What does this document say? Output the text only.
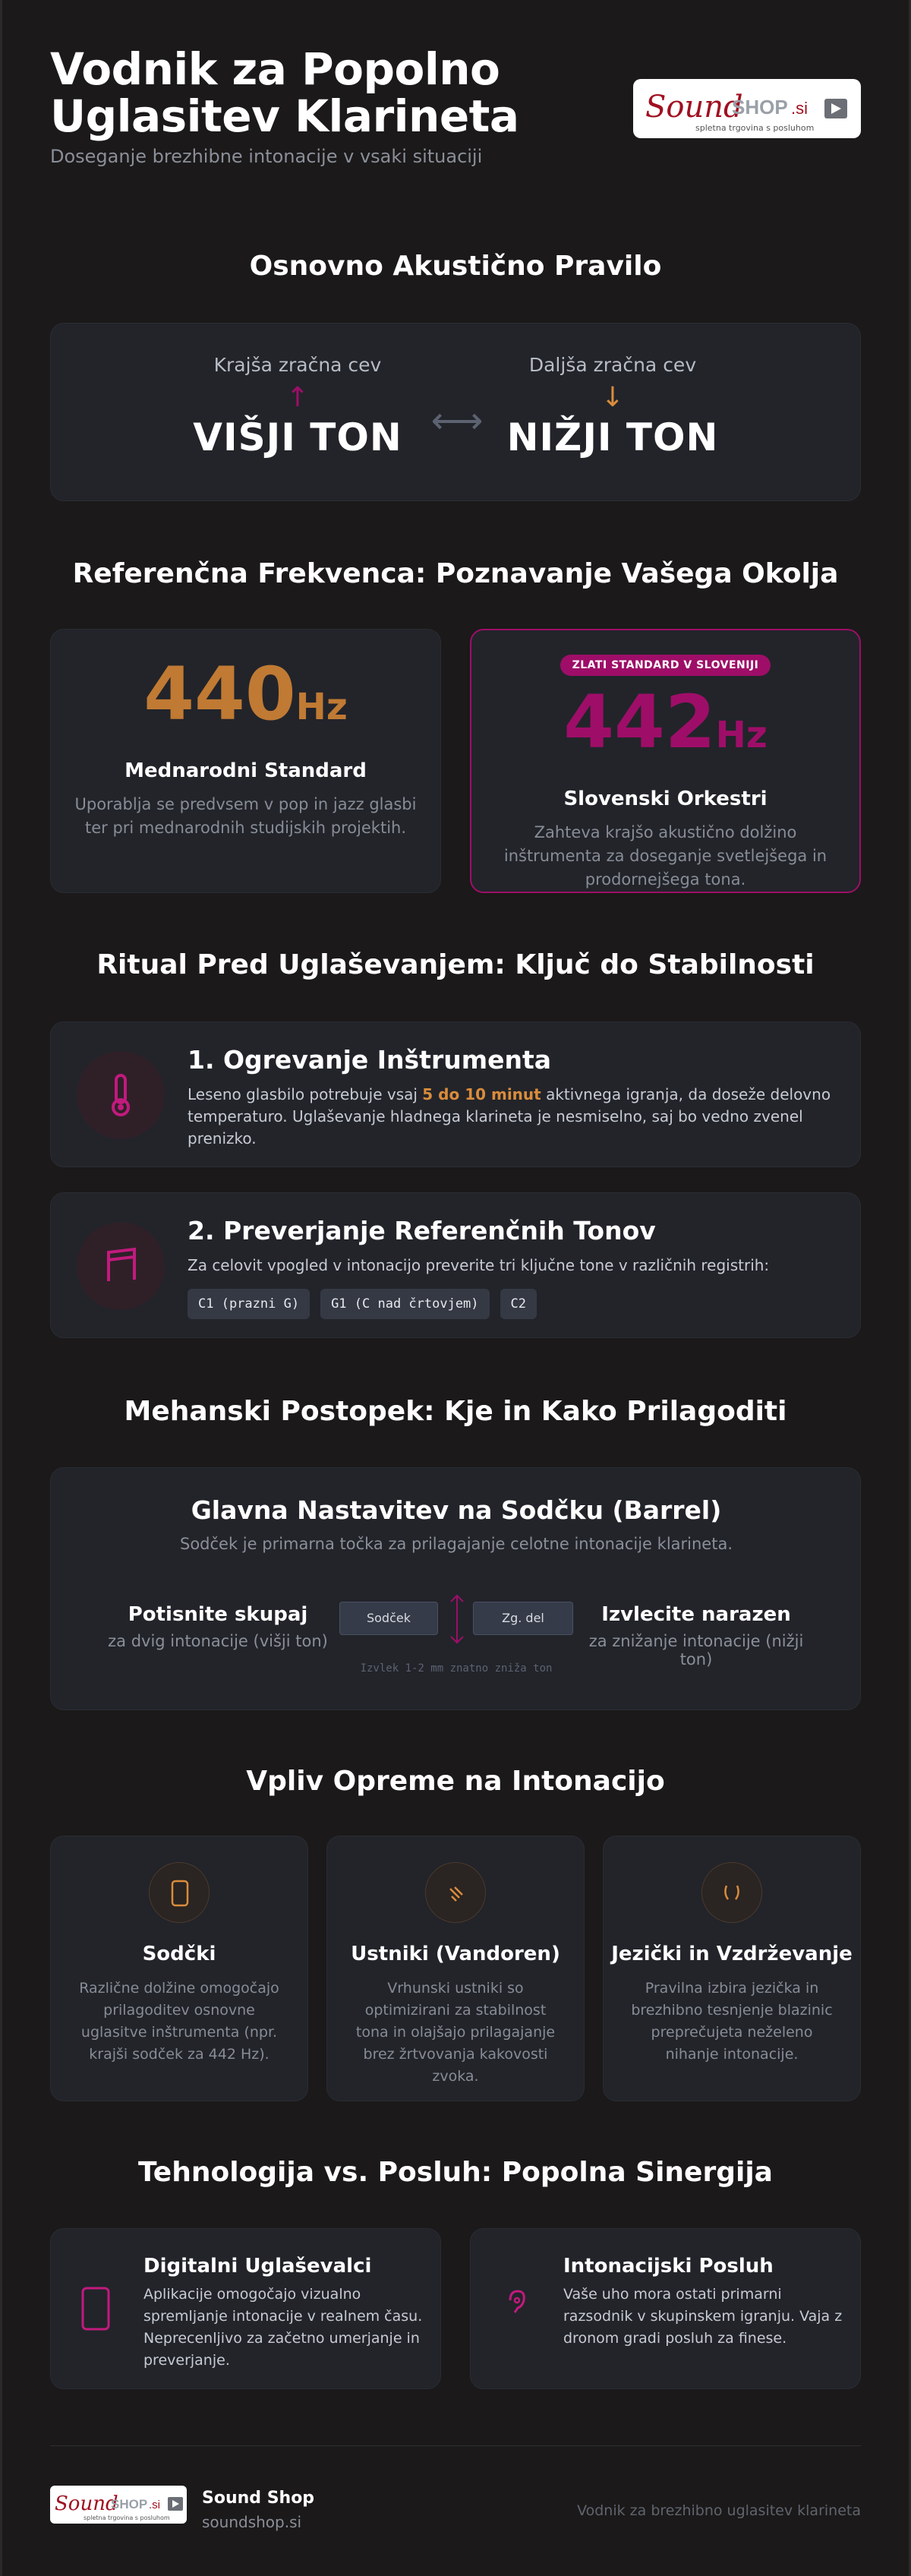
Vodnik za Popolno Uglasitev Klarineta
Doseganje brezhibne intonacije v vsaki situaciji
Sound
SHOP .si
spletna trgovina s posluhom
Osnovno Akustično Pravilo
Krajša zračna cev
↑
VIŠJI TON ⟷
Daljša zračna cev
↓
NIŽJI TON
Referenčna Frekvenca: Poznavanje Vašega Okolja
440Hz
Mednarodni Standard

Uporablja se predvsem v pop in jazz glasbi ter pri mednarodnih studijskih projektih.

ZLATI STANDARD V SLOVENIJI
442Hz
Slovenski Orkestri

Zahteva krajšo akustično dolžino inštrumenta za doseganje svetlejšega in prodornejšega tona.

Ritual Pred Uglaševanjem: Ključ do Stabilnosti
1. Ogrevanje Inštrumenta

Leseno glasbilo potrebuje vsaj 5 do 10 minut aktivnega igranja, da doseže delovno temperaturo. Uglaševanje hladnega klarineta je nesmiselno, saj bo vedno zvenel prenizko.

2. Preverjanje Referenčnih Tonov

Za celovit vpogled v intonacijo preverite tri ključne tone v različnih registrih:

C1 (prazni G) G1 (C nad črtovjem) C2
Mehanski Postopek: Kje in Kako Prilagoditi
Glavna Nastavitev na Sodčku (Barrel)
Sodček je primarna točka za prilagajanje celotne intonacije klarineta.
Potisnite skupaj
za dvig intonacije (višji ton)
Sodček	Zg. del	Izvlecite narazen
za znižanje intonacije (nižji ton)
Izvlek 1-2 mm znatno zniža ton
Vpliv Opreme na Intonacijo
Sodčki

Različne dolžine omogočajo prilagoditev osnovne uglasitve inštrumenta (npr. krajši sodček za 442 Hz).

Ustniki (Vandoren)

Vrhunski ustniki so optimizirani za stabilnost tona in olajšajo prilagajanje brez žrtvovanja kakovosti zvoka.

Jezički in Vzdrževanje

Pravilna izbira jezička in brezhibno tesnjenje blazinic preprečujeta neželeno nihanje intonacije.

Tehnologija vs. Posluh: Popolna Sinergija
Digitalni Uglaševalci

Aplikacije omogočajo vizualno spremljanje intonacije v realnem času. Neprecenljivo za začetno umerjanje in preverjanje.

Intonacijski Posluh

Vaše uho mora ostati primarni razsodnik v skupinskem igranju. Vaja z dronom gradi posluh za finese.

Sound
SHOP .si
spletna trgovina s posluhom
Sound Shop
soundshop.si
Vodnik za brezhibno uglasitev klarineta
